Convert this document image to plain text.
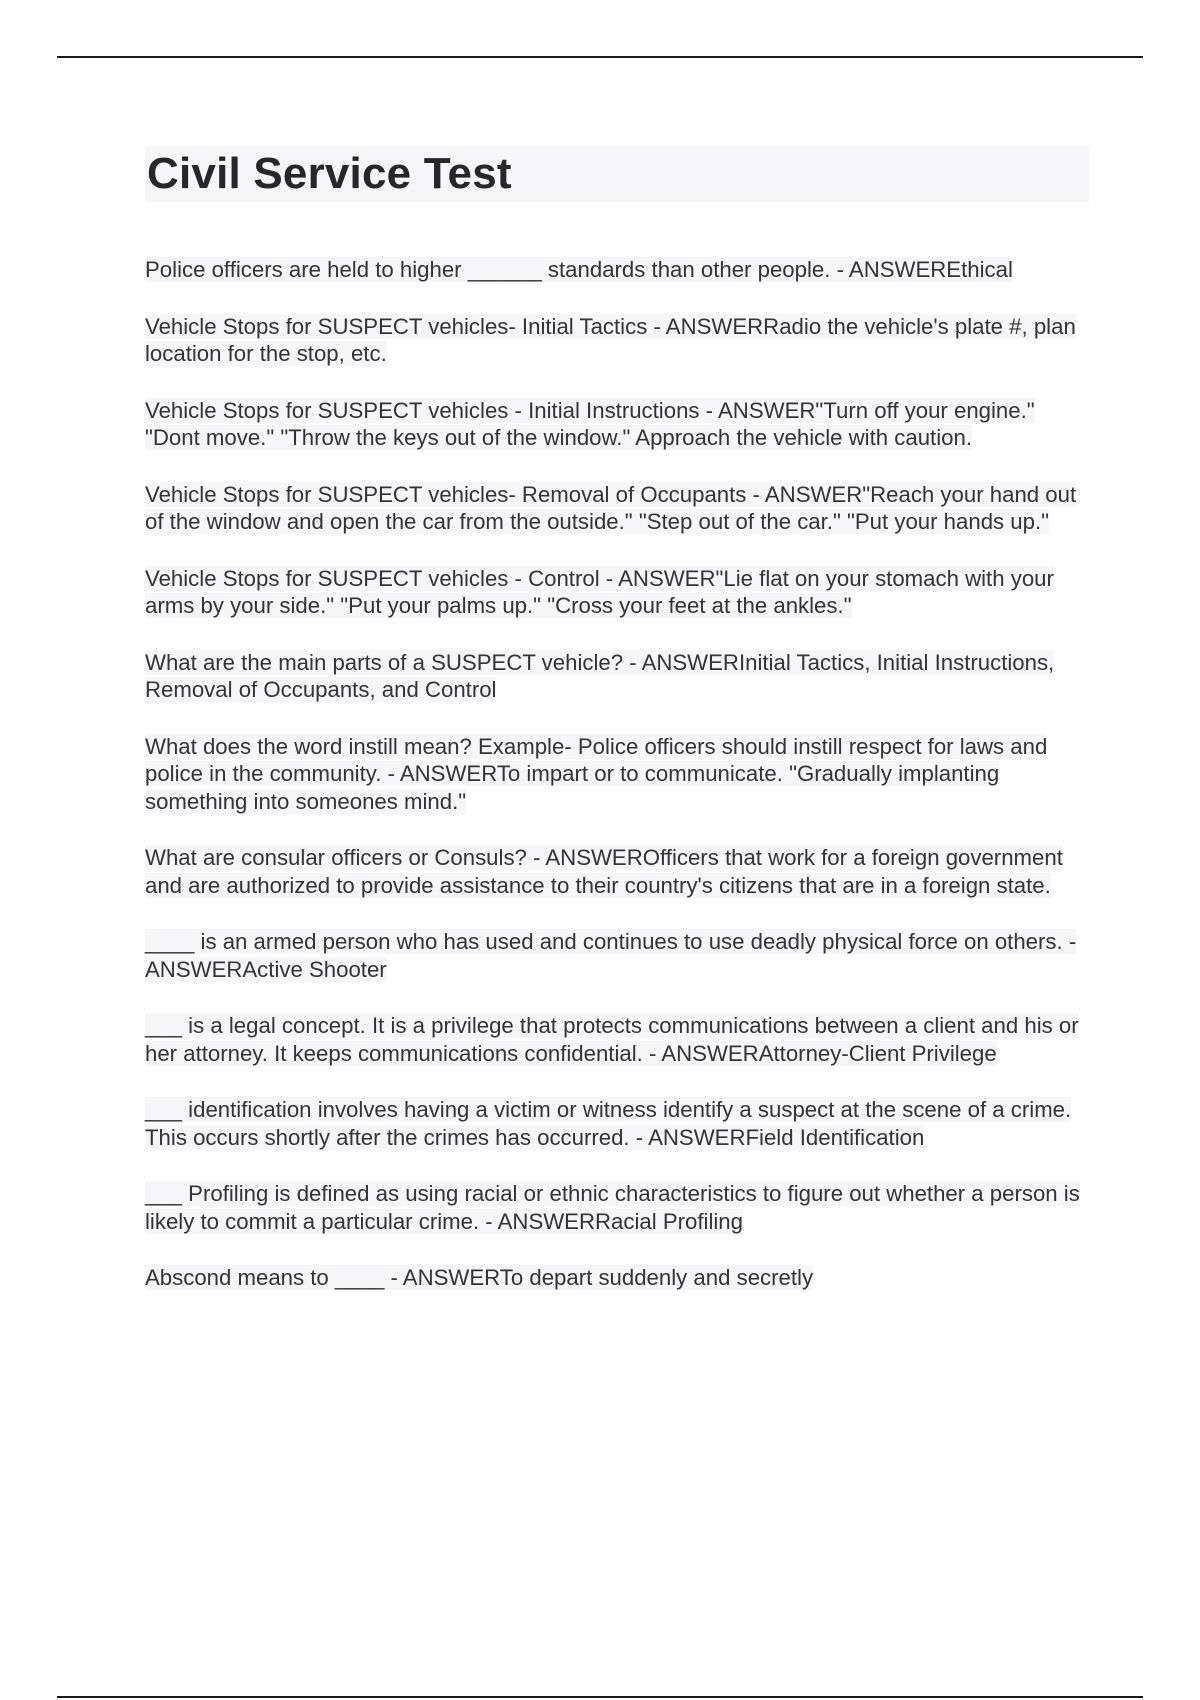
Civil Service Test
Police officers are held to higher ______ standards than other people. - ANSWEREthical
Vehicle Stops for SUSPECT vehicles- Initial Tactics - ANSWERRadio the vehicle's plate #, plan location for the stop, etc.
Vehicle Stops for SUSPECT vehicles - Initial Instructions - ANSWER"Turn off your engine." "Dont move." "Throw the keys out of the window." Approach the vehicle with caution.
Vehicle Stops for SUSPECT vehicles- Removal of Occupants - ANSWER"Reach your hand out of the window and open the car from the outside." "Step out of the car." "Put your hands up."
Vehicle Stops for SUSPECT vehicles - Control - ANSWER"Lie flat on your stomach with your arms by your side." "Put your palms up." "Cross your feet at the ankles."
What are the main parts of a SUSPECT vehicle? - ANSWERInitial Tactics, Initial Instructions, Removal of Occupants, and Control
What does the word instill mean? Example- Police officers should instill respect for laws and police in the community. - ANSWERTo impart or to communicate. "Gradually implanting something into someones mind."
What are consular officers or Consuls? - ANSWEROfficers that work for a foreign government and are authorized to provide assistance to their country's citizens that are in a foreign state.
____ is an armed person who has used and continues to use deadly physical force on others. - ANSWERActive Shooter
___ is a legal concept. It is a privilege that protects communications between a client and his or her attorney. It keeps communications confidential. - ANSWERAttorney-Client Privilege
___ identification involves having a victim or witness identify a suspect at the scene of a crime. This occurs shortly after the crimes has occurred. - ANSWERField Identification
___ Profiling is defined as using racial or ethnic characteristics to figure out whether a person is likely to commit a particular crime. - ANSWERRacial Profiling
Abscond means to ____ - ANSWERTo depart suddenly and secretly
